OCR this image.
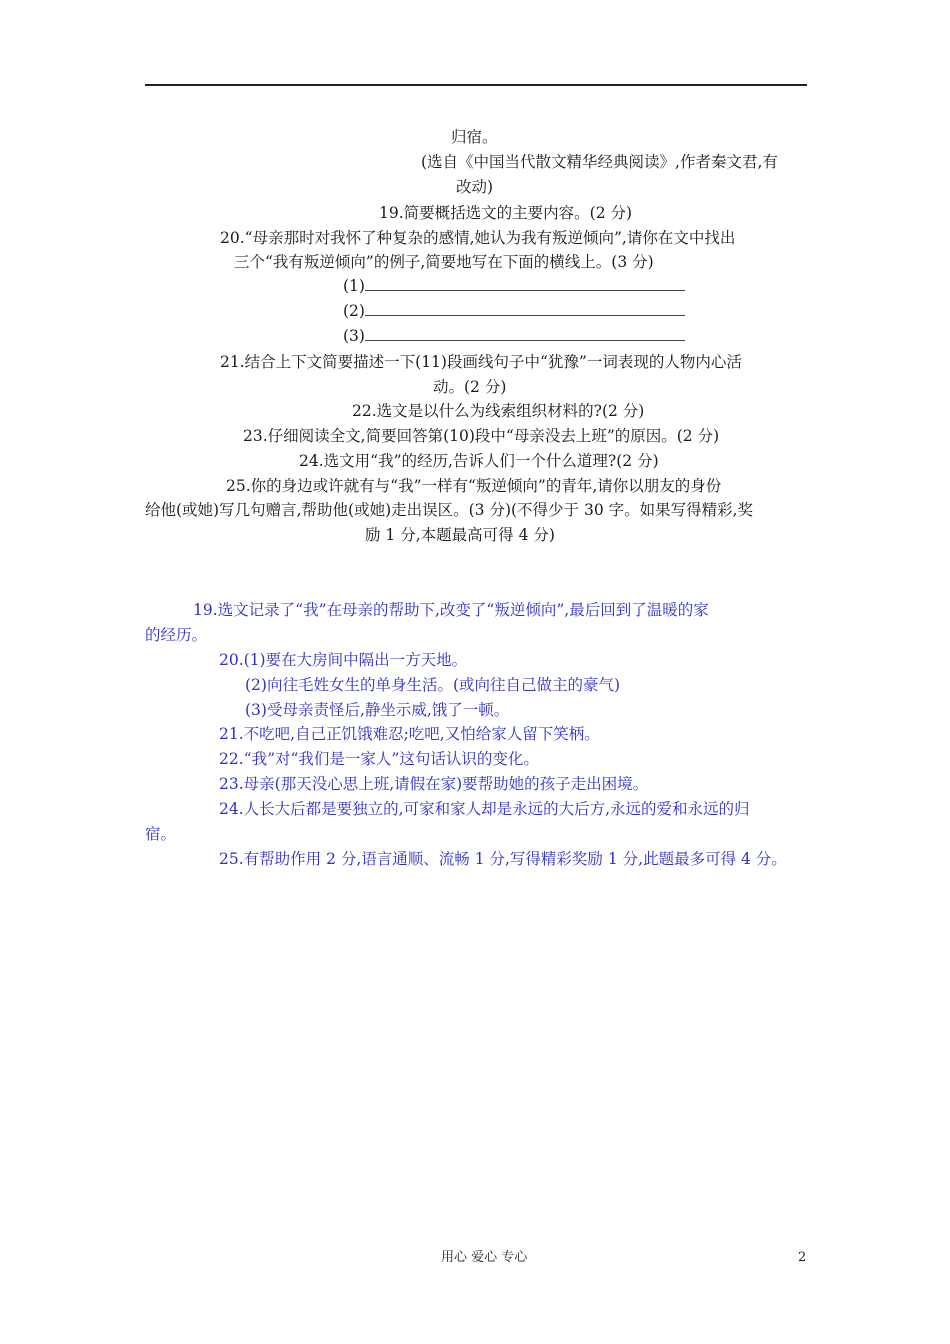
归宿。
(选自《中国当代散文精华经典阅读》,作者秦文君,有
改动)
19.简要概括选文的主要内容。(2 分)
20.“母亲那时对我怀了种复杂的感情,她认为我有叛逆倾向”,请你在文中找出
三个“我有叛逆倾向”的例子,简要地写在下面的横线上。(3 分)
(1)
(2)
(3)
21.结合上下文简要描述一下(11)段画线句子中“犹豫”一词表现的人物内心活
动。(2 分)
22.选文是以什么为线索组织材料的?(2 分)
23.仔细阅读全文,简要回答第(10)段中“母亲没去上班”的原因。(2 分)
24.选文用“我”的经历,告诉人们一个什么道理?(2 分)
25.你的身边或许就有与“我”一样有“叛逆倾向”的青年,请你以朋友的身份
给他(或她)写几句赠言,帮助他(或她)走出误区。(3 分)(不得少于 30 字。如果写得精彩,奖
励 1 分,本题最高可得 4 分)
19.选文记录了“我”在母亲的帮助下,改变了“叛逆倾向”,最后回到了温暖的家
的经历。
20.(1)要在大房间中隔出一方天地。
(2)向往毛姓女生的单身生活。(或向往自己做主的豪气)
(3)受母亲责怪后,静坐示威,饿了一顿。
21.不吃吧,自己正饥饿难忍;吃吧,又怕给家人留下笑柄。
22.“我”对“我们是一家人”这句话认识的变化。
23.母亲(那天没心思上班,请假在家)要帮助她的孩子走出困境。
24.人长大后都是要独立的,可家和家人却是永远的大后方,永远的爱和永远的归
宿。
25.有帮助作用 2 分,语言通顺、流畅 1 分,写得精彩奖励 1 分,此题最多可得 4 分。
用心 爱心 专心	2
